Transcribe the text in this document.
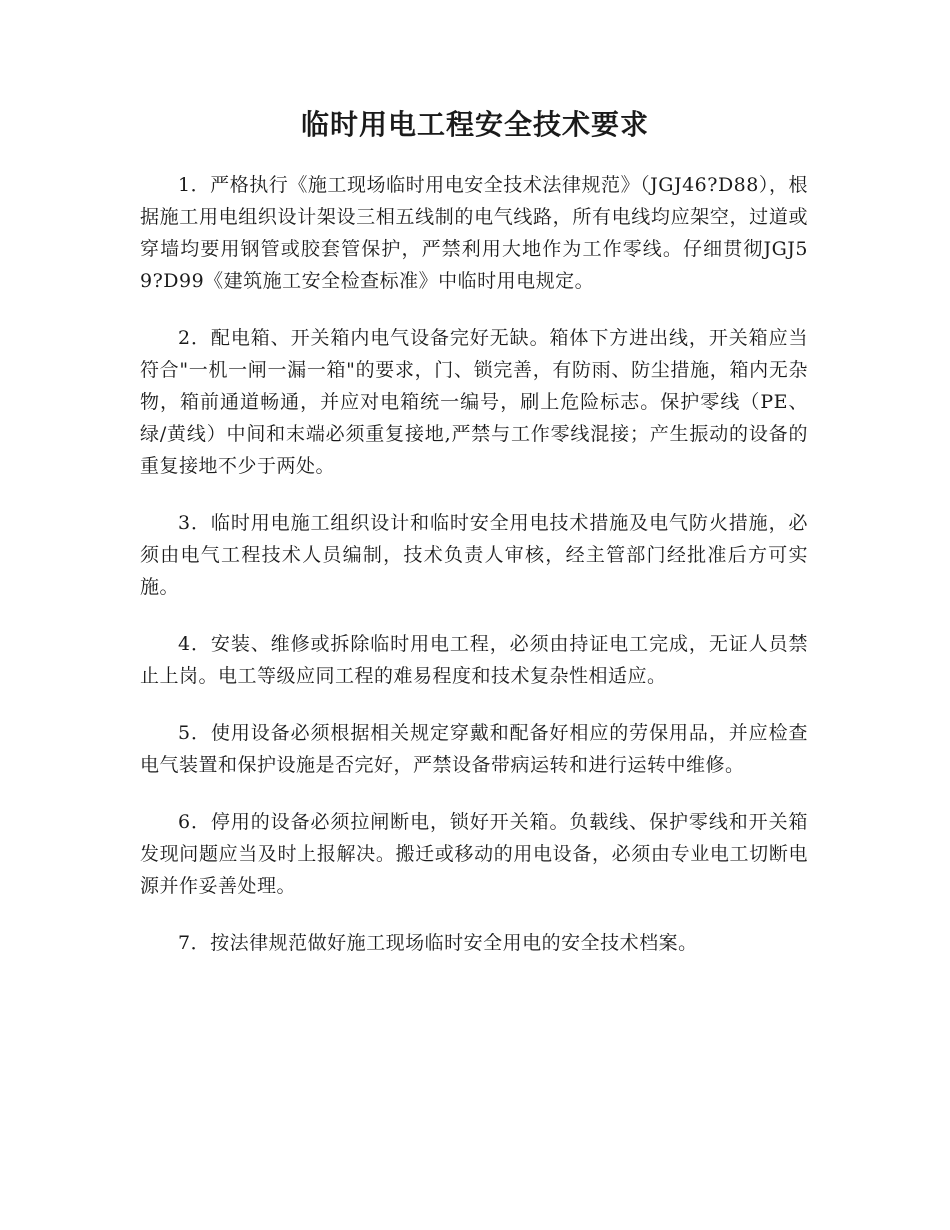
临时用电工程安全技术要求

1．严格执行《施工现场临时用电安全技术法律规范》（JGJ46?D88），根据施工用电组织设计架设三相五线制的电气线路，所有电线均应架空，过道或穿墙均要用钢管或胶套管保护，严禁利用大地作为工作零线。仔细贯彻JGJ59?D99《建筑施工安全检查标准》中临时用电规定。

2．配电箱、开关箱内电气设备完好无缺。箱体下方进出线，开关箱应当符合"一机一闸一漏一箱"的要求，门、锁完善，有防雨、防尘措施，箱内无杂物，箱前通道畅通，并应对电箱统一编号，刷上危险标志。保护零线（PE、绿/黄线）中间和末端必须重复接地,严禁与工作零线混接；产生振动的设备的重复接地不少于两处。

3．临时用电施工组织设计和临时安全用电技术措施及电气防火措施，必须由电气工程技术人员编制，技术负责人审核，经主管部门经批准后方可实施。

4．安装、维修或拆除临时用电工程，必须由持证电工完成，无证人员禁止上岗。电工等级应同工程的难易程度和技术复杂性相适应。

5．使用设备必须根据相关规定穿戴和配备好相应的劳保用品，并应检查电气装置和保护设施是否完好，严禁设备带病运转和进行运转中维修。

6．停用的设备必须拉闸断电，锁好开关箱。负载线、保护零线和开关箱发现问题应当及时上报解决。搬迁或移动的用电设备，必须由专业电工切断电源并作妥善处理。

7．按法律规范做好施工现场临时安全用电的安全技术档案。
